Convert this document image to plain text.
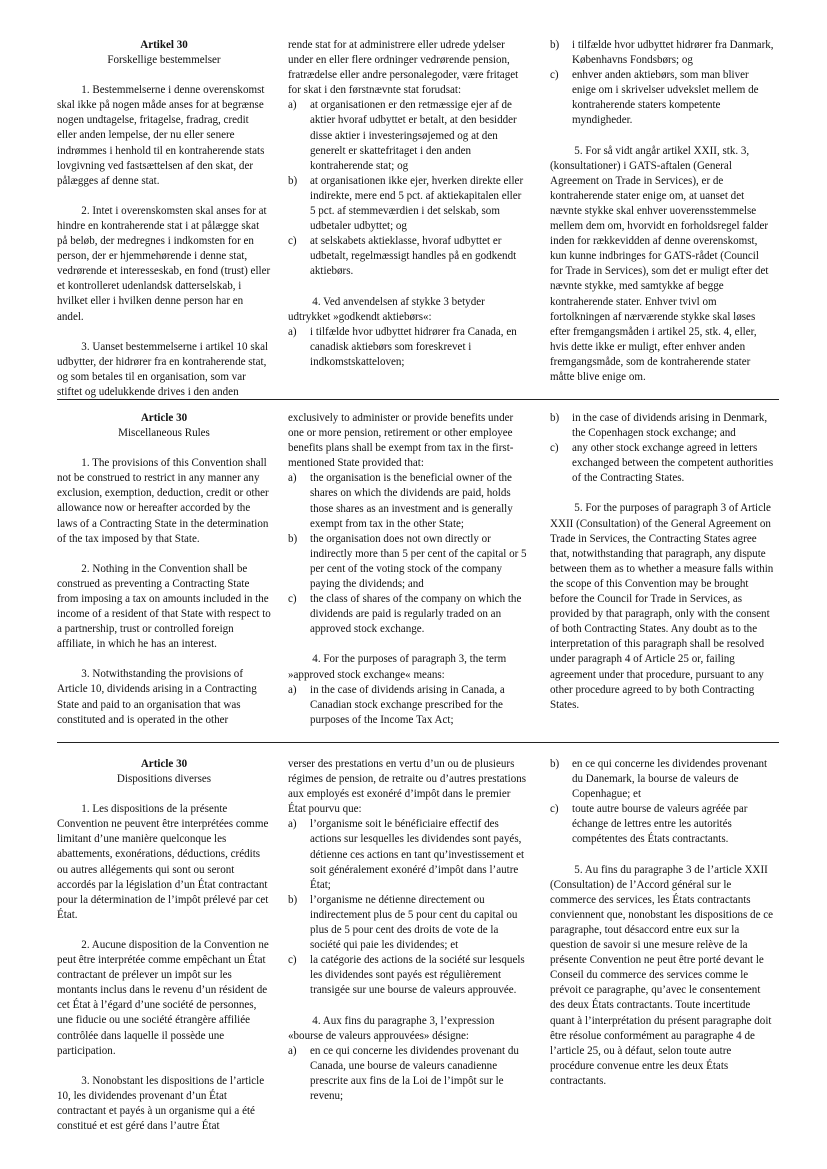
Artikel 30
Forskellige bestemmelser

1. Bestemmelserne i denne overenskomst skal ikke på nogen måde anses for at begrænse nogen undtagelse, fritagelse, fradrag, credit eller anden lempelse, der nu eller senere indrømmes i henhold til en kontraherende stats lovgivning ved fastsættelsen af den skat, der pålægges af denne stat.

2. Intet i overenskomsten skal anses for at hindre en kontraherende stat i at pålægge skat på beløb, der medregnes i indkomsten for en person, der er hjemmehørende i denne stat, vedrørende et interesseskab, en fond (trust) eller et kontrolleret udenlandsk datterselskab, i hvilket eller i hvilken denne person har en andel.

3. Uanset bestemmelserne i artikel 10 skal udbytter, der hidrører fra en kontraherende stat, og som betales til en organisation, som var stiftet og udelukkende drives i den anden

rende stat for at administrere eller udrede ydelser under en eller flere ordninger vedrørende pension, fratrædelse eller andre personalegoder, være fritaget for skat i den førstnævnte stat forudsat:

a) at organisationen er den retmæssige ejer af de aktier hvoraf udbyttet er betalt, at den besidder disse aktier i investeringsøjemed og at den generelt er skattefritaget i den anden kontraherende stat; og
b) at organisationen ikke ejer, hverken direkte eller indirekte, mere end 5 pct. af aktiekapitalen eller 5 pct. af stemmeværdien i det selskab, som udbetaler udbyttet; og
c) at selskabets aktieklasse, hvoraf udbyttet er udbetalt, regelmæssigt handles på en godkendt aktiebørs.

4. Ved anvendelsen af stykke 3 betyder udtrykket »godkendt aktiebørs«:

a) i tilfælde hvor udbyttet hidrører fra Canada, en canadisk aktiebørs som foreskrevet i indkomstskatteloven;
b) i tilfælde hvor udbyttet hidrører fra Danmark, Københavns Fondsbørs; og
c) enhver anden aktiebørs, som man bliver enige om i skrivelser udvekslet mellem de kontraherende staters kompetente myndigheder.

5. For så vidt angår artikel XXII, stk. 3, (konsultationer) i GATS-aftalen (General Agreement on Trade in Services), er de kontraherende stater enige om, at uanset det nævnte stykke skal enhver uoverensstemmelse mellem dem om, hvorvidt en forholdsregel falder inden for rækkevidden af denne overenskomst, kun kunne indbringes for GATS-rådet (Council for Trade in Services), som det er muligt efter det nævnte stykke, med samtykke af begge kontraherende stater. Enhver tvivl om fortolkningen af nærværende stykke skal løses efter fremgangsmåden i artikel 25, stk. 4, eller, hvis dette ikke er muligt, efter enhver anden fremgangsmåde, som de kontraherende stater måtte blive enige om.

Article 30
Miscellaneous Rules

1. The provisions of this Convention shall not be construed to restrict in any manner any exclusion, exemption, deduction, credit or other allowance now or hereafter accorded by the laws of a Contracting State in the determination of the tax imposed by that State.

2. Nothing in the Convention shall be construed as preventing a Contracting State from imposing a tax on amounts included in the income of a resident of that State with respect to a partnership, trust or controlled foreign affiliate, in which he has an interest.

3. Notwithstanding the provisions of Article 10, dividends arising in a Contracting State and paid to an organisation that was constituted and is operated in the other

exclusively to administer or provide benefits under one or more pension, retirement or other employee benefits plans shall be exempt from tax in the first-mentioned State provided that:

a) the organisation is the beneficial owner of the shares on which the dividends are paid, holds those shares as an investment and is generally exempt from tax in the other State;
b) the organisation does not own directly or indirectly more than 5 per cent of the capital or 5 per cent of the voting stock of the company paying the dividends; and
c) the class of shares of the company on which the dividends are paid is regularly traded on an approved stock exchange.

4. For the purposes of paragraph 3, the term »approved stock exchange« means:

a) in the case of dividends arising in Canada, a Canadian stock exchange prescribed for the purposes of the Income Tax Act;
b) in the case of dividends arising in Denmark, the Copenhagen stock exchange; and
c) any other stock exchange agreed in letters exchanged between the competent authorities of the Contracting States.

5. For the purposes of paragraph 3 of Article XXII (Consultation) of the General Agreement on Trade in Services, the Contracting States agree that, notwithstanding that paragraph, any dispute between them as to whether a measure falls within the scope of this Convention may be brought before the Council for Trade in Services, as provided by that paragraph, only with the consent of both Contracting States. Any doubt as to the interpretation of this paragraph shall be resolved under paragraph 4 of Article 25 or, failing agreement under that procedure, pursuant to any other procedure agreed to by both Contracting States.

Article 30
Dispositions diverses

1. Les dispositions de la présente Convention ne peuvent être interprétées comme limitant d’une manière quelconque les abattements, exonérations, déductions, crédits ou autres allégements qui sont ou seront accordés par la législation d’un État contractant pour la détermination de l’impôt prélevé par cet État.

2. Aucune disposition de la Convention ne peut être interprétée comme empêchant un État contractant de prélever un impôt sur les montants inclus dans le revenu d’un résident de cet État à l’égard d’une société de personnes, une fiducie ou une société étrangère affiliée contrôlée dans laquelle il possède une participation.

3. Nonobstant les dispositions de l’article 10, les dividendes provenant d’un État contractant et payés à un organisme qui a été constitué et est géré dans l’autre État

verser des prestations en vertu d’un ou de plusieurs régimes de pension, de retraite ou d’autres prestations aux employés est exonéré d’impôt dans le premier État pourvu que:

a) l’organisme soit le bénéficiaire effectif des actions sur lesquelles les dividendes sont payés, détienne ces actions en tant qu’investissement et soit généralement exonéré d’impôt dans l’autre État;
b) l’organisme ne détienne directement ou indirectement plus de 5 pour cent du capital ou plus de 5 pour cent des droits de vote de la société qui paie les dividendes; et
c) la catégorie des actions de la société sur lesquels les dividendes sont payés est régulièrement transigée sur une bourse de valeurs approuvée.

4. Aux fins du paragraphe 3, l’expression «bourse de valeurs approuvées» désigne:

a) en ce qui concerne les dividendes provenant du Canada, une bourse de valeurs canadienne prescrite aux fins de la Loi de l’impôt sur le revenu;
b) en ce qui concerne les dividendes provenant du Danemark, la bourse de valeurs de Copenhague; et
c) toute autre bourse de valeurs agréée par échange de lettres entre les autorités compétentes des États contractants.

5. Au fins du paragraphe 3 de l’article XXII (Consultation) de l’Accord général sur le commerce des services, les États contractants conviennent que, nonobstant les dispositions de ce paragraphe, tout désaccord entre eux sur la question de savoir si une mesure relève de la présente Convention ne peut être porté devant le Conseil du commerce des services comme le prévoit ce paragraphe, qu’avec le consentement des deux États contractants. Toute incertitude quant à l’interprétation du présent paragraphe doit être résolue conformément au paragraphe 4 de l’article 25, ou à défaut, selon toute autre procédure convenue entre les deux États contractants.
